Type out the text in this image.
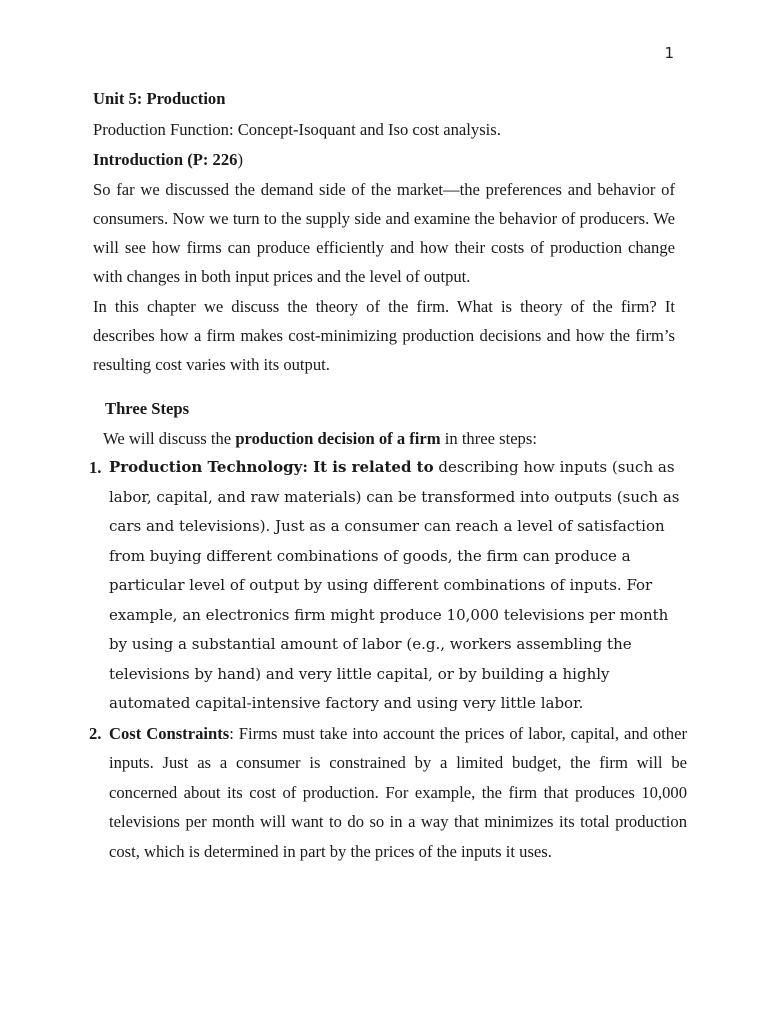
1

Unit 5: Production

Production Function: Concept-Isoquant and Iso cost analysis.

Introduction (P: 226)

So far we discussed the demand side of the market—the preferences and behavior of consumers. Now we turn to the supply side and examine the behavior of producers. We will see how firms can produce efficiently and how their costs of production change with changes in both input prices and the level of output.

In this chapter we discuss the theory of the firm. What is theory of the firm? It describes how a firm makes cost-minimizing production decisions and how the firm’s resulting cost varies with its output.

Three Steps

We will discuss the production decision of a firm in three steps:

1. Production Technology: It is related to describing how inputs (such as labor, capital, and raw materials) can be transformed into outputs (such as cars and televisions). Just as a consumer can reach a level of satisfaction from buying different combinations of goods, the firm can produce a particular level of output by using different combinations of inputs. For example, an electronics firm might produce 10,000 televisions per month by using a substantial amount of labor (e.g., workers assembling the televisions by hand) and very little capital, or by building a highly automated capital-intensive factory and using very little labor.
2. Cost Constraints: Firms must take into account the prices of labor, capital, and other inputs. Just as a consumer is constrained by a limited budget, the firm will be concerned about its cost of production. For example, the firm that produces 10,000 televisions per month will want to do so in a way that minimizes its total production cost, which is determined in part by the prices of the inputs it uses.
